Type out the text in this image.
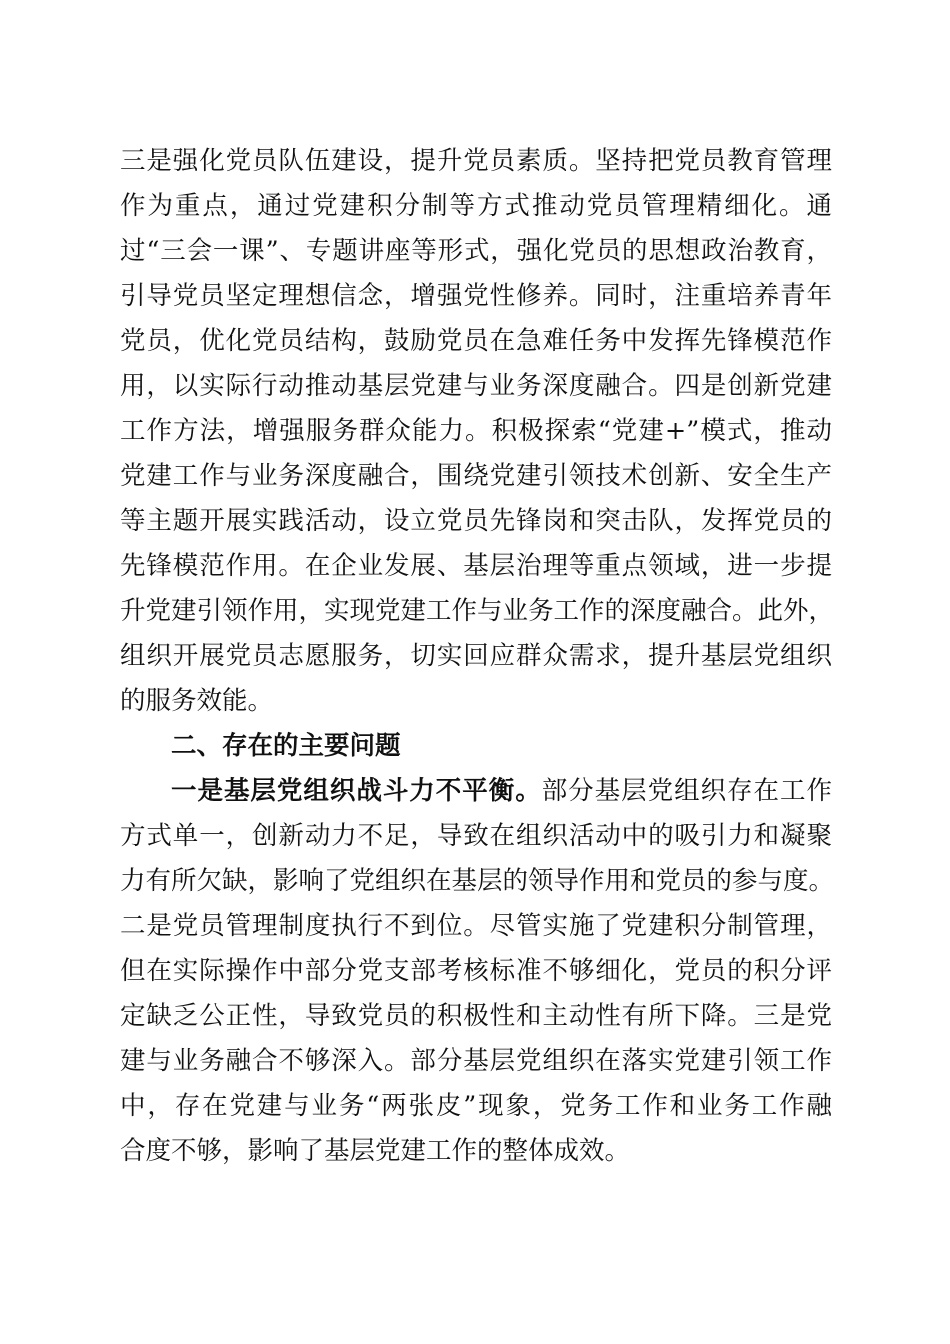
三是强化党员队伍建设，提升党员素质。坚持把党员教育管理
作为重点，通过党建积分制等方式推动党员管理精细化。通
过“三会一课”、专题讲座等形式，强化党员的思想政治教育，
引导党员坚定理想信念，增强党性修养。同时，注重培养青年
党员，优化党员结构，鼓励党员在急难任务中发挥先锋模范作
用，以实际行动推动基层党建与业务深度融合。四是创新党建
工作方法，增强服务群众能力。积极探索“党建+”模式，推动
党建工作与业务深度融合，围绕党建引领技术创新、安全生产
等主题开展实践活动，设立党员先锋岗和突击队，发挥党员的
先锋模范作用。在企业发展、基层治理等重点领域，进一步提
升党建引领作用，实现党建工作与业务工作的深度融合。此外，
组织开展党员志愿服务，切实回应群众需求，提升基层党组织
的服务效能。
二、存在的主要问题
一是基层党组织战斗力不平衡。部分基层党组织存在工作
方式单一，创新动力不足，导致在组织活动中的吸引力和凝聚
力有所欠缺，影响了党组织在基层的领导作用和党员的参与度。
二是党员管理制度执行不到位。尽管实施了党建积分制管理，
但在实际操作中部分党支部考核标准不够细化，党员的积分评
定缺乏公正性，导致党员的积极性和主动性有所下降。三是党
建与业务融合不够深入。部分基层党组织在落实党建引领工作
中，存在党建与业务“两张皮”现象，党务工作和业务工作融
合度不够，影响了基层党建工作的整体成效。
